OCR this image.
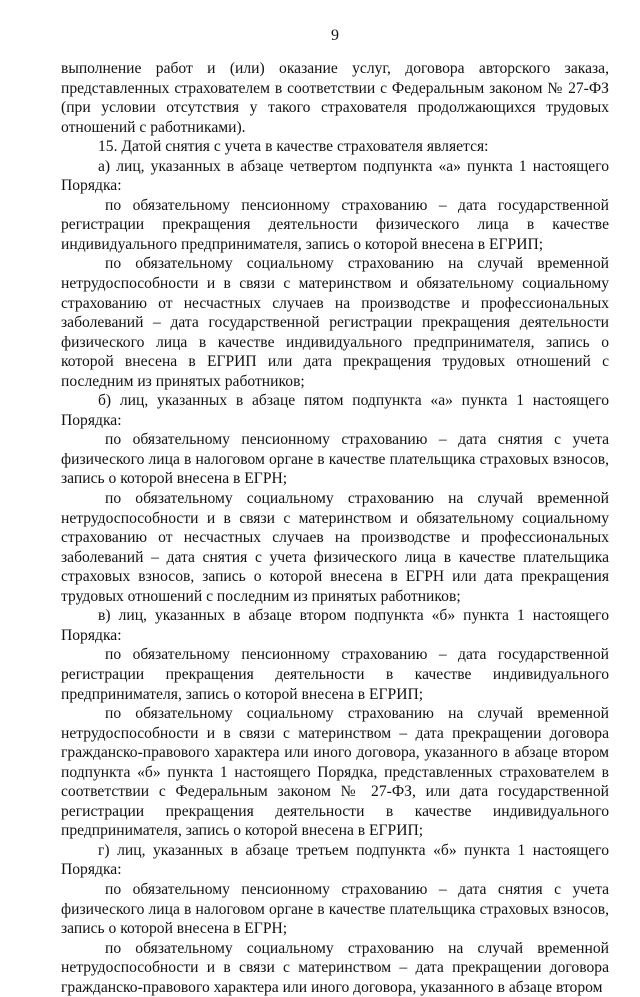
9

выполнение работ и (или) оказание услуг, договора авторского заказа, представленных страхователем в соответствии с Федеральным законом № 27-ФЗ (при условии отсутствия у такого страхователя продолжающихся трудовых отношений с работниками).

15. Датой снятия с учета в качестве страхователя является:

а) лиц, указанных в абзаце четвертом подпункта «а» пункта 1 настоящего Порядка:

по обязательному пенсионному страхованию – дата государственной регистрации прекращения деятельности физического лица в качестве индивидуального предпринимателя, запись о которой внесена в ЕГРИП;

по обязательному социальному страхованию на случай временной нетрудоспособности и в связи с материнством и обязательному социальному страхованию от несчастных случаев на производстве и профессиональных заболеваний – дата государственной регистрации прекращения деятельности физического лица в качестве индивидуального предпринимателя, запись о которой внесена в ЕГРИП или дата прекращения трудовых отношений с последним из принятых работников;

б) лиц, указанных в абзаце пятом подпункта «а» пункта 1 настоящего Порядка:

по обязательному пенсионному страхованию – дата снятия с учета физического лица в налоговом органе в качестве плательщика страховых взносов, запись о которой внесена в ЕГРН;

по обязательному социальному страхованию на случай временной нетрудоспособности и в связи с материнством и обязательному социальному страхованию от несчастных случаев на производстве и профессиональных заболеваний – дата снятия с учета физического лица в качестве плательщика страховых взносов, запись о которой внесена в ЕГРН или дата прекращения трудовых отношений с последним из принятых работников;

в) лиц, указанных в абзаце втором подпункта «б» пункта 1 настоящего Порядка:

по обязательному пенсионному страхованию – дата государственной регистрации прекращения деятельности в качестве индивидуального предпринимателя, запись о которой внесена в ЕГРИП;

по обязательному социальному страхованию на случай временной нетрудоспособности и в связи с материнством – дата прекращении договора гражданско-правового характера или иного договора, указанного в абзаце втором подпункта «б» пункта 1 настоящего Порядка, представленных страхователем в соответствии с Федеральным законом № 27-ФЗ, или дата государственной регистрации прекращения деятельности в качестве индивидуального предпринимателя, запись о которой внесена в ЕГРИП;

г) лиц, указанных в абзаце третьем подпункта «б» пункта 1 настоящего Порядка:

по обязательному пенсионному страхованию – дата снятия с учета физического лица в налоговом органе в качестве плательщика страховых взносов, запись о которой внесена в ЕГРН;

по обязательному социальному страхованию на случай временной нетрудоспособности и в связи с материнством – дата прекращении договора гражданско-правового характера или иного договора, указанного в абзаце втором
